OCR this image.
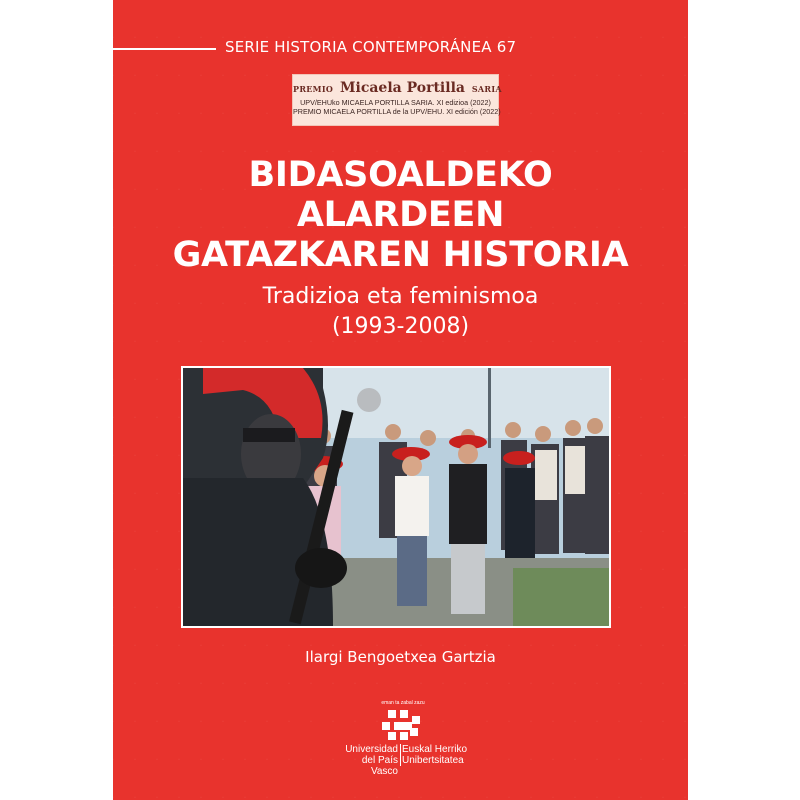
SERIE HISTORIA CONTEMPORÁNEA 67
PREMIO Micaela Portilla SARIA
UPV/EHUko MICAELA PORTILLA SARIA. XI edizioa (2022)
PREMIO MICAELA PORTILLA de la UPV/EHU. XI edición (2022)
BIDASOALDEKO
ALARDEEN
GATAZKAREN HISTORIA
Tradizioa eta feminismoa
(1993-2008)
Ilargi Bengoetxea Gartzia
eman ta zabal zazu
Universidad
del País Vasco
Euskal Herriko
Unibertsitatea
